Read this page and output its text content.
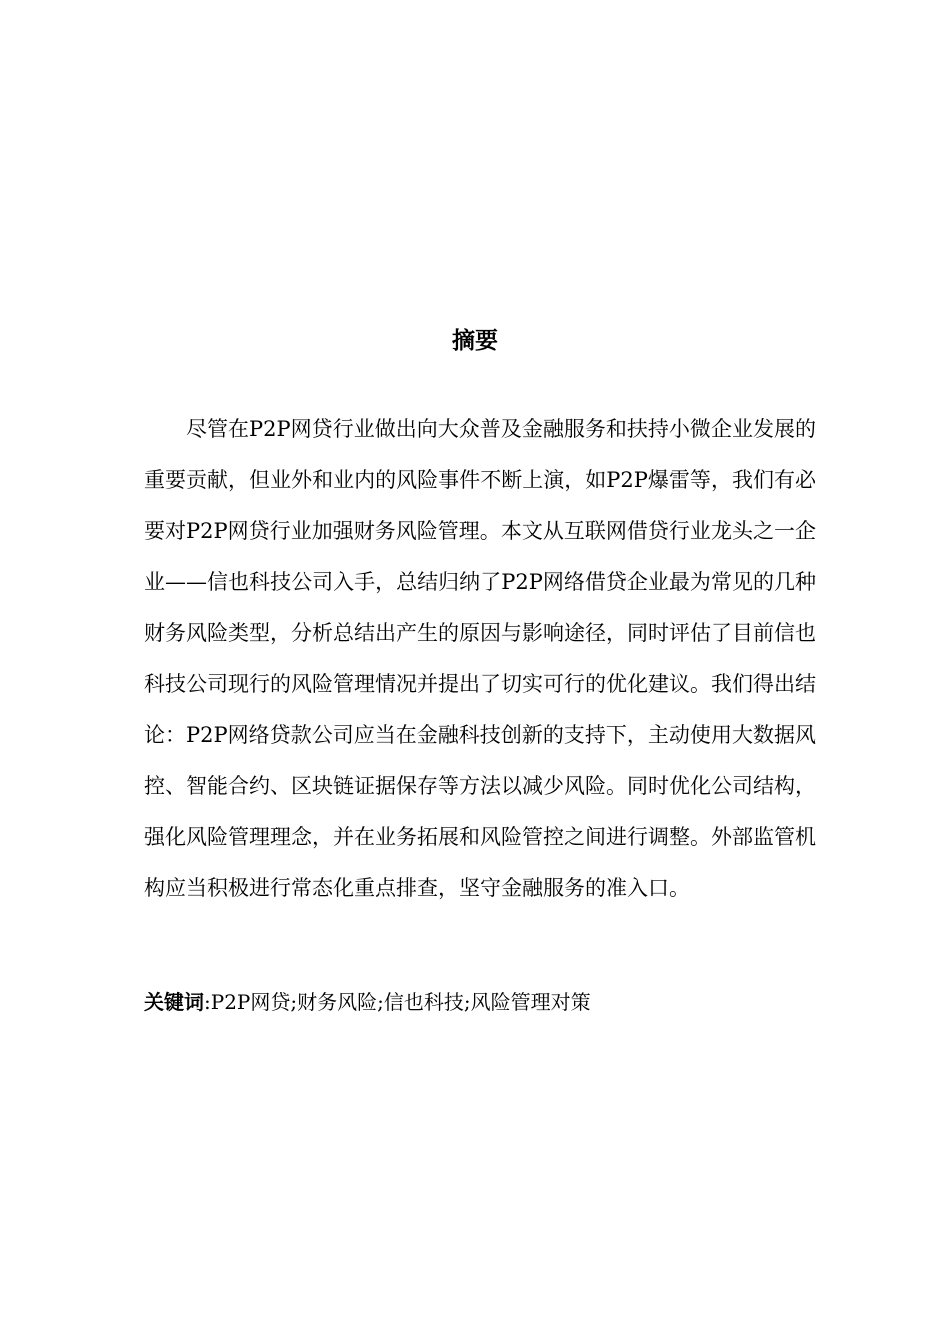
摘要

尽管在P2P网贷行业做出向大众普及金融服务和扶持小微企业发展的重要贡献，但业外和业内的风险事件不断上演，如P2P爆雷等，我们有必要对P2P网贷行业加强财务风险管理。本文从互联网借贷行业龙头之一企业——信也科技公司入手，总结归纳了P2P网络借贷企业最为常见的几种财务风险类型，分析总结出产生的原因与影响途径，同时评估了目前信也科技公司现行的风险管理情况并提出了切实可行的优化建议。我们得出结论：P2P网络贷款公司应当在金融科技创新的支持下，主动使用大数据风控、智能合约、区块链证据保存等方法以减少风险。同时优化公司结构，强化风险管理理念，并在业务拓展和风险管控之间进行调整。外部监管机构应当积极进行常态化重点排查，坚守金融服务的准入口。

关键词:P2P网贷;财务风险;信也科技;风险管理对策
